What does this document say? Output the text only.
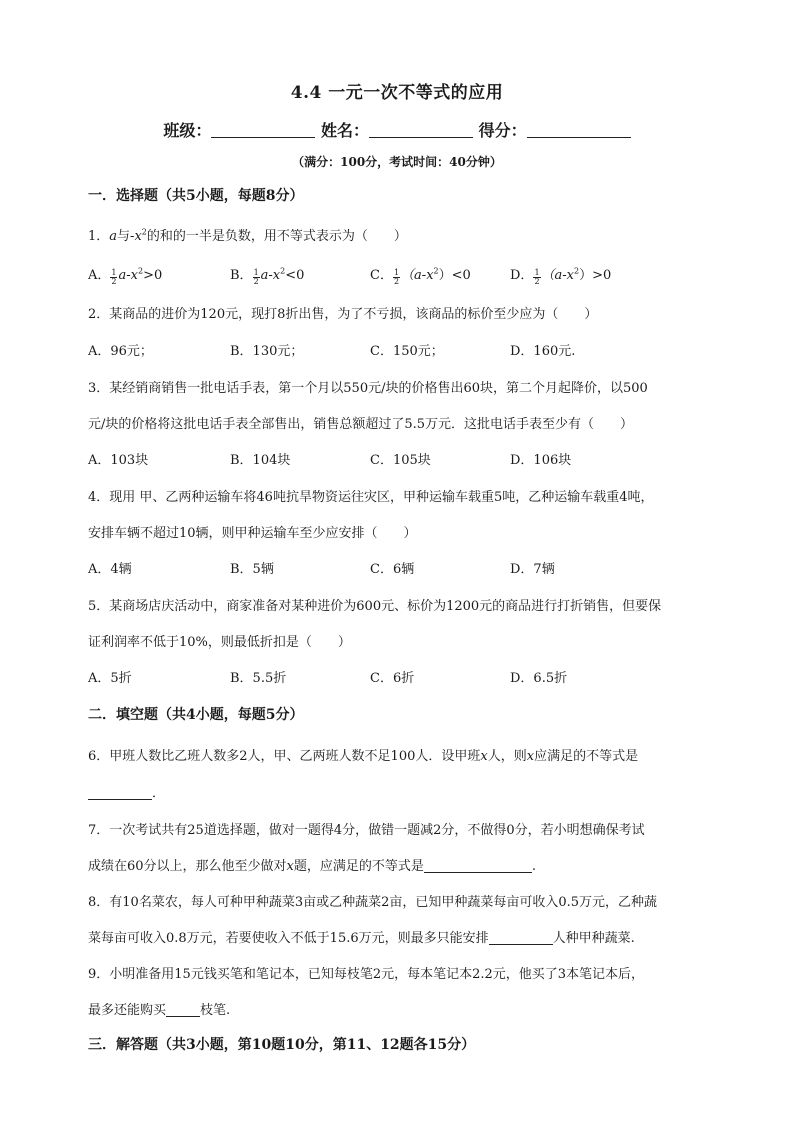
4.4 一元一次不等式的应用
班级：	姓名：	得分：
（满分：100分，考试时间：40分钟）
一．选择题（共5小题，每题8分）
1．a与$-x^2$的和的一半是负数，用不等式表示为（　　）
A． $\frac{1}{2} a-x^2>0$	B． $\frac{1}{2} a-x^2<0$	C． $\frac{1}{2} (a-x^2)<0$	D． $\frac{1}{2} (a-x^2)>0$
2．某商品的进价为120元，现打8折出售，为了不亏损，该商品的标价至少应为（　　）
A．96元；	B．130元；	C．150元；	D．160元.
3．某经销商销售一批电话手表，第一个月以550元/块的价格售出60块，第二个月起降价，以500
元/块的价格将这批电话手表全部售出，销售总额超过了5.5万元．这批电话手表至少有（　　）
A．103块	B．104块	C．105块	D．106块
4．现用 甲、乙两种运输车将46吨抗旱物资运往灾区，甲种运输车载重5吨，乙种运输车载重4吨，
安排车辆不超过10辆，则甲种运输车至少应安排（　　）
A．4辆	B．5辆	C．6辆	D．7辆
5．某商场店庆活动中，商家准备对某种进价为600元、标价为1200元的商品进行打折销售，但要保
证利润率不低于10%，则最低折扣是（　　）
A．5折	B．5.5折	C．6折	D．6.5折
二．填空题（共4小题，每题5分）
6．甲班人数比乙班人数多2人，甲、乙两班人数不足100人．设甲班x人，则x应满足的不等式是
．
7．一次考试共有25道选择题，做对一题得4分，做错一题减2分，不做得0分，若小明想确保考试
成绩在60分以上，那么他至少做对x题，应满足的不等式是	.
8．有10名菜农，每人可种甲种蔬菜3亩或乙种蔬菜2亩，已知甲种蔬菜每亩可收入0.5万元，乙种蔬
菜每亩可收入0.8万元，若要使收入不低于15.6万元，则最多只能安排	人种甲种蔬菜.
9．小明准备用15元钱买笔和笔记本，已知每枝笔2元，每本笔记本2.2元，他买了3本笔记本后，
最多还能购买	枝笔.
三．解答题（共3小题，第10题10分，第11、12题各15分）
